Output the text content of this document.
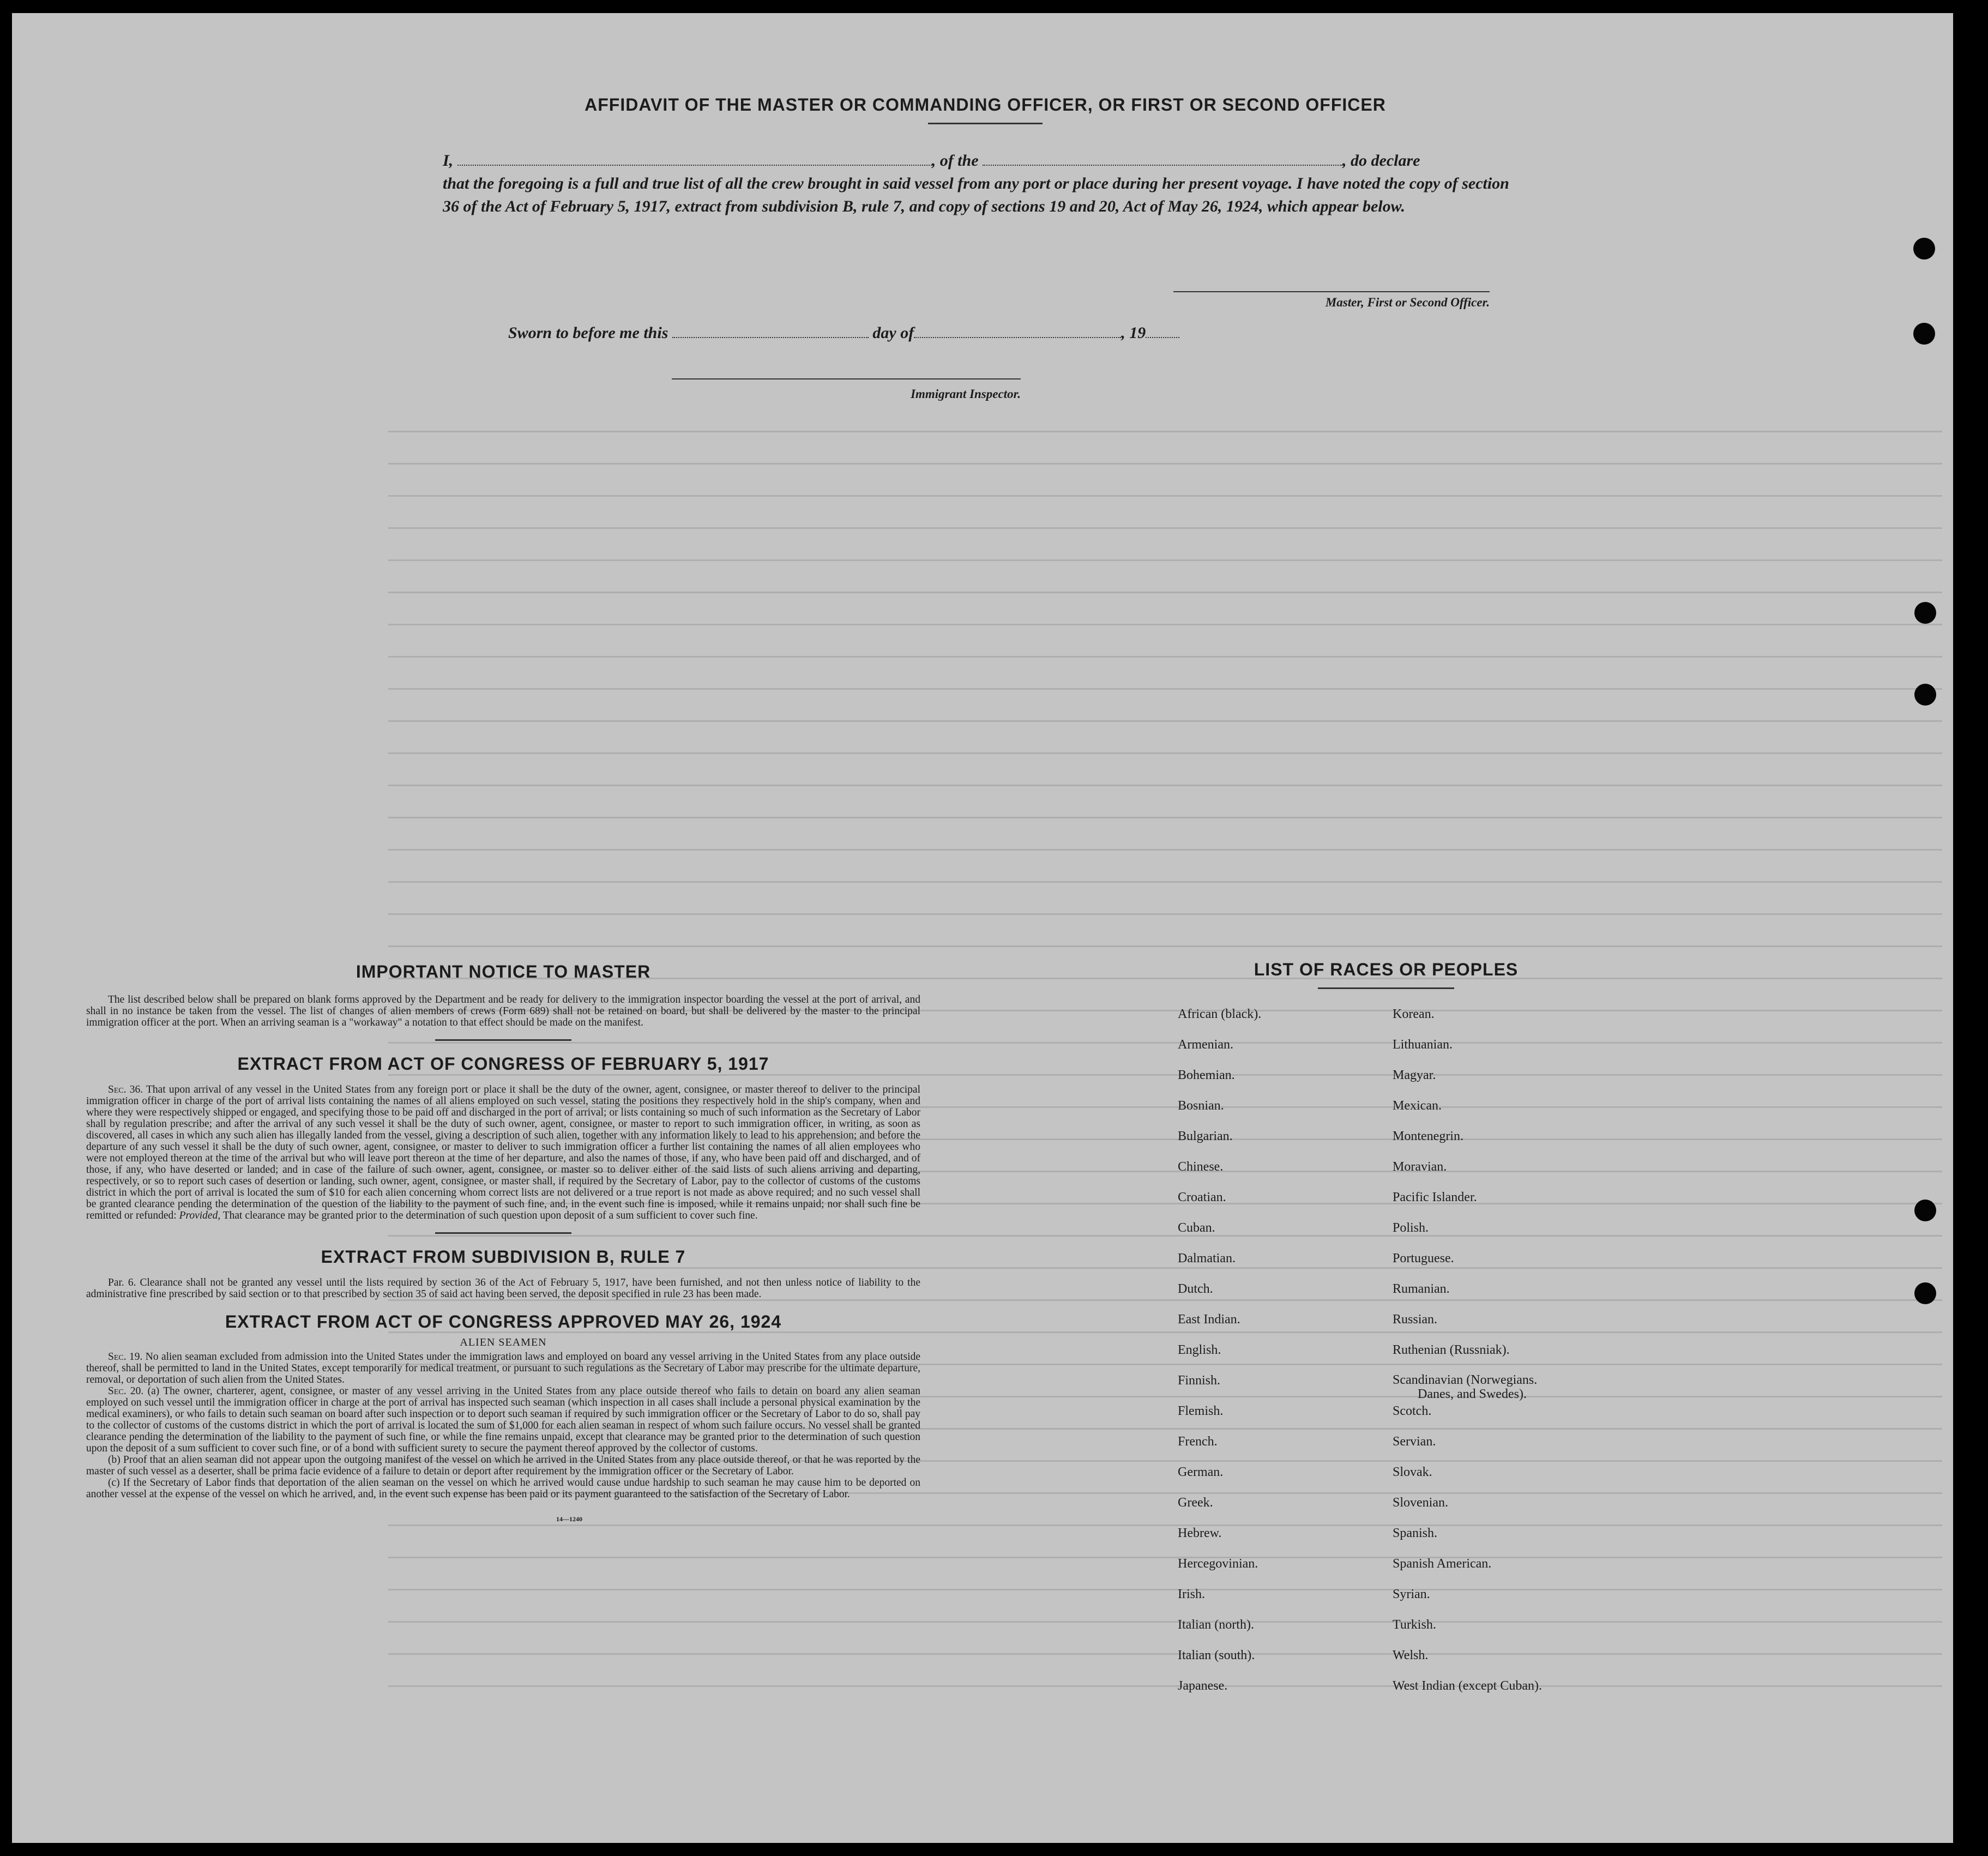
AFFIDAVIT OF THE MASTER OR COMMANDING OFFICER, OR FIRST OR SECOND OFFICER
I,	, of the	, do declare
that the foregoing is a full and true list of all the crew brought in said vessel from any port or place during her present voyage. I have noted the copy of section 36 of the Act of February 5, 1917, extract from subdivision B, rule 7, and copy of sections 19 and 20, Act of May 26, 1924, which appear below.
Master, First or Second Officer.
Sworn to before me this	day of	, 19
Immigrant Inspector.
IMPORTANT NOTICE TO MASTER

The list described below shall be prepared on blank forms approved by the Department and be ready for delivery to the immigration inspector boarding the vessel at the port of arrival, and shall in no instance be taken from the vessel. The list of changes of alien members of crews (Form 689) shall not be retained on board, but shall be delivered by the master to the principal immigration officer at the port. When an arriving seaman is a "workaway" a notation to that effect should be made on the manifest.

EXTRACT FROM ACT OF CONGRESS OF FEBRUARY 5, 1917

Sec. 36. That upon arrival of any vessel in the United States from any foreign port or place it shall be the duty of the owner, agent, consignee, or master thereof to deliver to the principal immigration officer in charge of the port of arrival lists containing the names of all aliens employed on such vessel, stating the positions they respectively hold in the ship's company, when and where they were respectively shipped or engaged, and specifying those to be paid off and discharged in the port of arrival; or lists containing so much of such information as the Secretary of Labor shall by regulation prescribe; and after the arrival of any such vessel it shall be the duty of such owner, agent, consignee, or master to report to such immigration officer, in writing, as soon as discovered, all cases in which any such alien has illegally landed from the vessel, giving a description of such alien, together with any information likely to lead to his apprehension; and before the departure of any such vessel it shall be the duty of such owner, agent, consignee, or master to deliver to such immigration officer a further list containing the names of all alien employees who were not employed thereon at the time of the arrival but who will leave port thereon at the time of her departure, and also the names of those, if any, who have been paid off and discharged, and of those, if any, who have deserted or landed; and in case of the failure of such owner, agent, consignee, or master so to deliver either of the said lists of such aliens arriving and departing, respectively, or so to report such cases of desertion or landing, such owner, agent, consignee, or master shall, if required by the Secretary of Labor, pay to the collector of customs of the customs district in which the port of arrival is located the sum of $10 for each alien concerning whom correct lists are not delivered or a true report is not made as above required; and no such vessel shall be granted clearance pending the determination of the question of the liability to the payment of such fine, and, in the event such fine is imposed, while it remains unpaid; nor shall such fine be remitted or refunded: Provided, That clearance may be granted prior to the determination of such question upon deposit of a sum sufficient to cover such fine.

EXTRACT FROM SUBDIVISION B, RULE 7

Par. 6. Clearance shall not be granted any vessel until the lists required by section 36 of the Act of February 5, 1917, have been furnished, and not then unless notice of liability to the administrative fine prescribed by said section or to that prescribed by section 35 of said act having been served, the deposit specified in rule 23 has been made.

EXTRACT FROM ACT OF CONGRESS APPROVED MAY 26, 1924
ALIEN SEAMEN

Sec. 19. No alien seaman excluded from admission into the United States under the immigration laws and employed on board any vessel arriving in the United States from any place outside thereof, shall be permitted to land in the United States, except temporarily for medical treatment, or pursuant to such regulations as the Secretary of Labor may prescribe for the ultimate departure, removal, or deportation of such alien from the United States.

Sec. 20. (a) The owner, charterer, agent, consignee, or master of any vessel arriving in the United States from any place outside thereof who fails to detain on board any alien seaman employed on such vessel until the immigration officer in charge at the port of arrival has inspected such seaman (which inspection in all cases shall include a personal physical examination by the medical examiners), or who fails to detain such seaman on board after such inspection or to deport such seaman if required by such immigration officer or the Secretary of Labor to do so, shall pay to the collector of customs of the customs district in which the port of arrival is located the sum of $1,000 for each alien seaman in respect of whom such failure occurs. No vessel shall be granted clearance pending the determination of the liability to the payment of such fine, or while the fine remains unpaid, except that clearance may be granted prior to the determination of such question upon the deposit of a sum sufficient to cover such fine, or of a bond with sufficient surety to secure the payment thereof approved by the collector of customs.

(b) Proof that an alien seaman did not appear upon the outgoing manifest of the vessel on which he arrived in the United States from any place outside thereof, or that he was reported by the master of such vessel as a deserter, shall be prima facie evidence of a failure to detain or deport after requirement by the immigration officer or the Secretary of Labor.

(c) If the Secretary of Labor finds that deportation of the alien seaman on the vessel on which he arrived would cause undue hardship to such seaman he may cause him to be deported on another vessel at the expense of the vessel on which he arrived, and, in the event such expense has been paid or its payment guaranteed to the satisfaction of the Secretary of Labor.

14—1240
LIST OF RACES OR PEOPLES
African (black).
Armenian.
Bohemian.
Bosnian.
Bulgarian.
Chinese.
Croatian.
Cuban.
Dalmatian.
Dutch.
East Indian.
English.
Finnish.
Flemish.
French.
German.
Greek.
Hebrew.
Hercegovinian.
Irish.
Italian (north).
Italian (south).
Japanese.
Korean.
Lithuanian.
Magyar.
Mexican.
Montenegrin.
Moravian.
Pacific Islander.
Polish.
Portuguese.
Rumanian.
Russian.
Ruthenian (Russniak).
Scandinavian (Norwegians.
Danes, and Swedes).
Scotch.
Servian.
Slovak.
Slovenian.
Spanish.
Spanish American.
Syrian.
Turkish.
Welsh.
West Indian (except Cuban).
